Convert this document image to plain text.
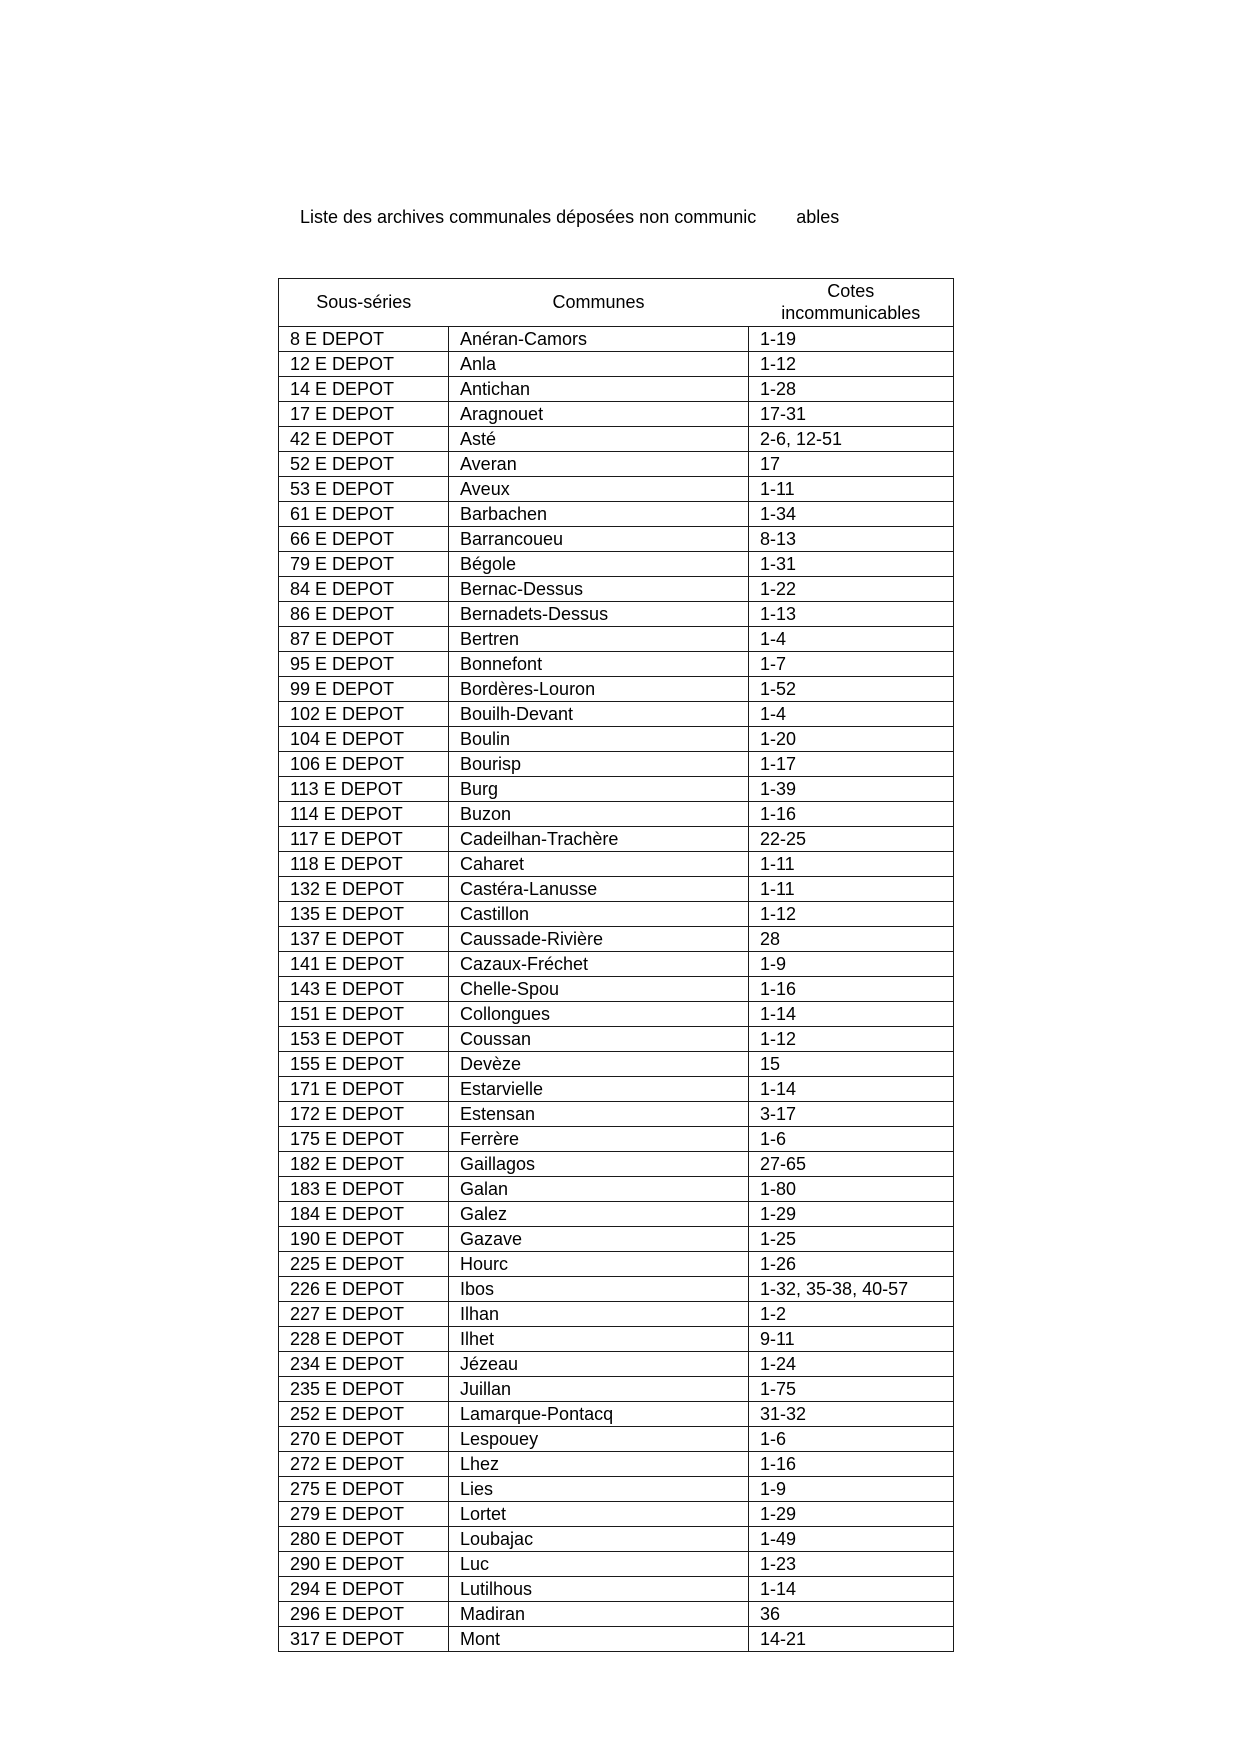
Liste des archives communales déposées non communic ables
Sous-séries	Communes	Cotes
incommunicables

8 E DEPOT	Anéran-Camors	1-19
12 E DEPOT	Anla	1-12
14 E DEPOT	Antichan	1-28
17 E DEPOT	Aragnouet	17-31
42 E DEPOT	Asté	2-6, 12-51
52 E DEPOT	Averan	17
53 E DEPOT	Aveux	1-11
61 E DEPOT	Barbachen	1-34
66 E DEPOT	Barrancoueu	8-13
79 E DEPOT	Bégole	1-31
84 E DEPOT	Bernac-Dessus	1-22
86 E DEPOT	Bernadets-Dessus	1-13
87 E DEPOT	Bertren	1-4
95 E DEPOT	Bonnefont	1-7
99 E DEPOT	Bordères-Louron	1-52
102 E DEPOT	Bouilh-Devant	1-4
104 E DEPOT	Boulin	1-20
106 E DEPOT	Bourisp	1-17
113 E DEPOT	Burg	1-39
114 E DEPOT	Buzon	1-16
117 E DEPOT	Cadeilhan-Trachère	22-25
118 E DEPOT	Caharet	1-11
132 E DEPOT	Castéra-Lanusse	1-11
135 E DEPOT	Castillon	1-12
137 E DEPOT	Caussade-Rivière	28
141 E DEPOT	Cazaux-Fréchet	1-9
143 E DEPOT	Chelle-Spou	1-16
151 E DEPOT	Collongues	1-14
153 E DEPOT	Coussan	1-12
155 E DEPOT	Devèze	15
171 E DEPOT	Estarvielle	1-14
172 E DEPOT	Estensan	3-17
175 E DEPOT	Ferrère	1-6
182 E DEPOT	Gaillagos	27-65
183 E DEPOT	Galan	1-80
184 E DEPOT	Galez	1-29
190 E DEPOT	Gazave	1-25
225 E DEPOT	Hourc	1-26
226 E DEPOT	Ibos	1-32, 35-38, 40-57
227 E DEPOT	Ilhan	1-2
228 E DEPOT	Ilhet	9-11
234 E DEPOT	Jézeau	1-24
235 E DEPOT	Juillan	1-75
252 E DEPOT	Lamarque-Pontacq	31-32
270 E DEPOT	Lespouey	1-6
272 E DEPOT	Lhez	1-16
275 E DEPOT	Lies	1-9
279 E DEPOT	Lortet	1-29
280 E DEPOT	Loubajac	1-49
290 E DEPOT	Luc	1-23
294 E DEPOT	Lutilhous	1-14
296 E DEPOT	Madiran	36
317 E DEPOT	Mont	14-21
